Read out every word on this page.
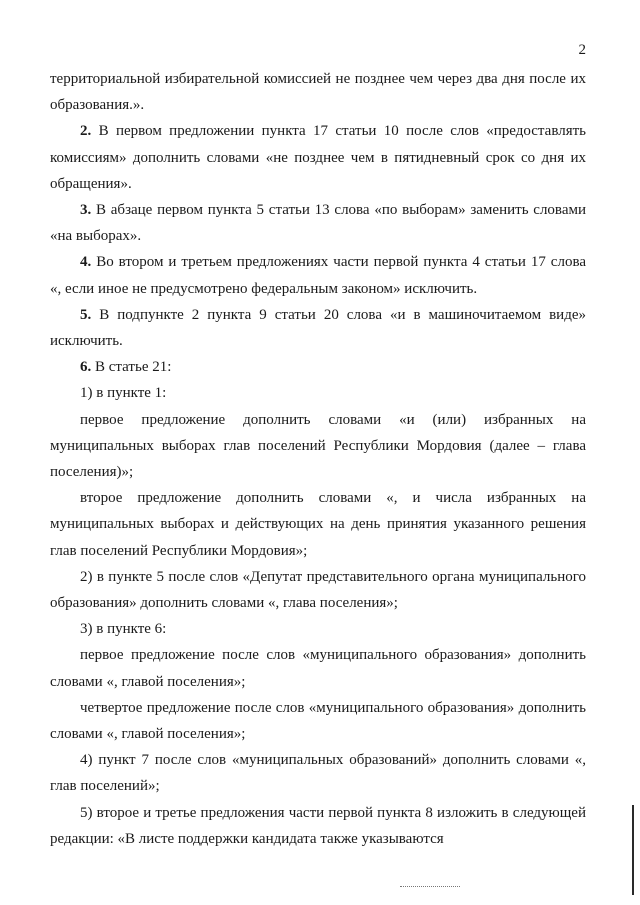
2

территориальной избирательной комиссией не позднее чем через два дня после их образования.».

2. В первом предложении пункта 17 статьи 10 после слов «предоставлять комиссиям» дополнить словами «не позднее чем в пятидневный срок со дня их обращения».

3. В абзаце первом пункта 5 статьи 13 слова «по выборам» заменить словами «на выборах».

4. Во втором и третьем предложениях части первой пункта 4 статьи 17 слова «, если иное не предусмотрено федеральным законом» исключить.

5. В подпункте 2 пункта 9 статьи 20 слова «и в машиночитаемом виде» исключить.

6. В статье 21:

1) в пункте 1:

первое предложение дополнить словами «и (или) избранных на муниципальных выборах глав поселений Республики Мордовия (далее – глава поселения)»;

второе предложение дополнить словами «, и числа избранных на муниципальных выборах и действующих на день принятия указанного решения глав поселений Республики Мордовия»;

2) в пункте 5 после слов «Депутат представительного органа муниципального образования» дополнить словами «, глава поселения»;

3) в пункте 6:

первое предложение после слов «муниципального образования» дополнить словами «, главой поселения»;

четвертое предложение после слов «муниципального образования» дополнить словами «, главой поселения»;

4) пункт 7 после слов «муниципальных образований» дополнить словами «, глав поселений»;

5) второе и третье предложения части первой пункта 8 изложить в следующей редакции: «В листе поддержки кандидата также указываются
